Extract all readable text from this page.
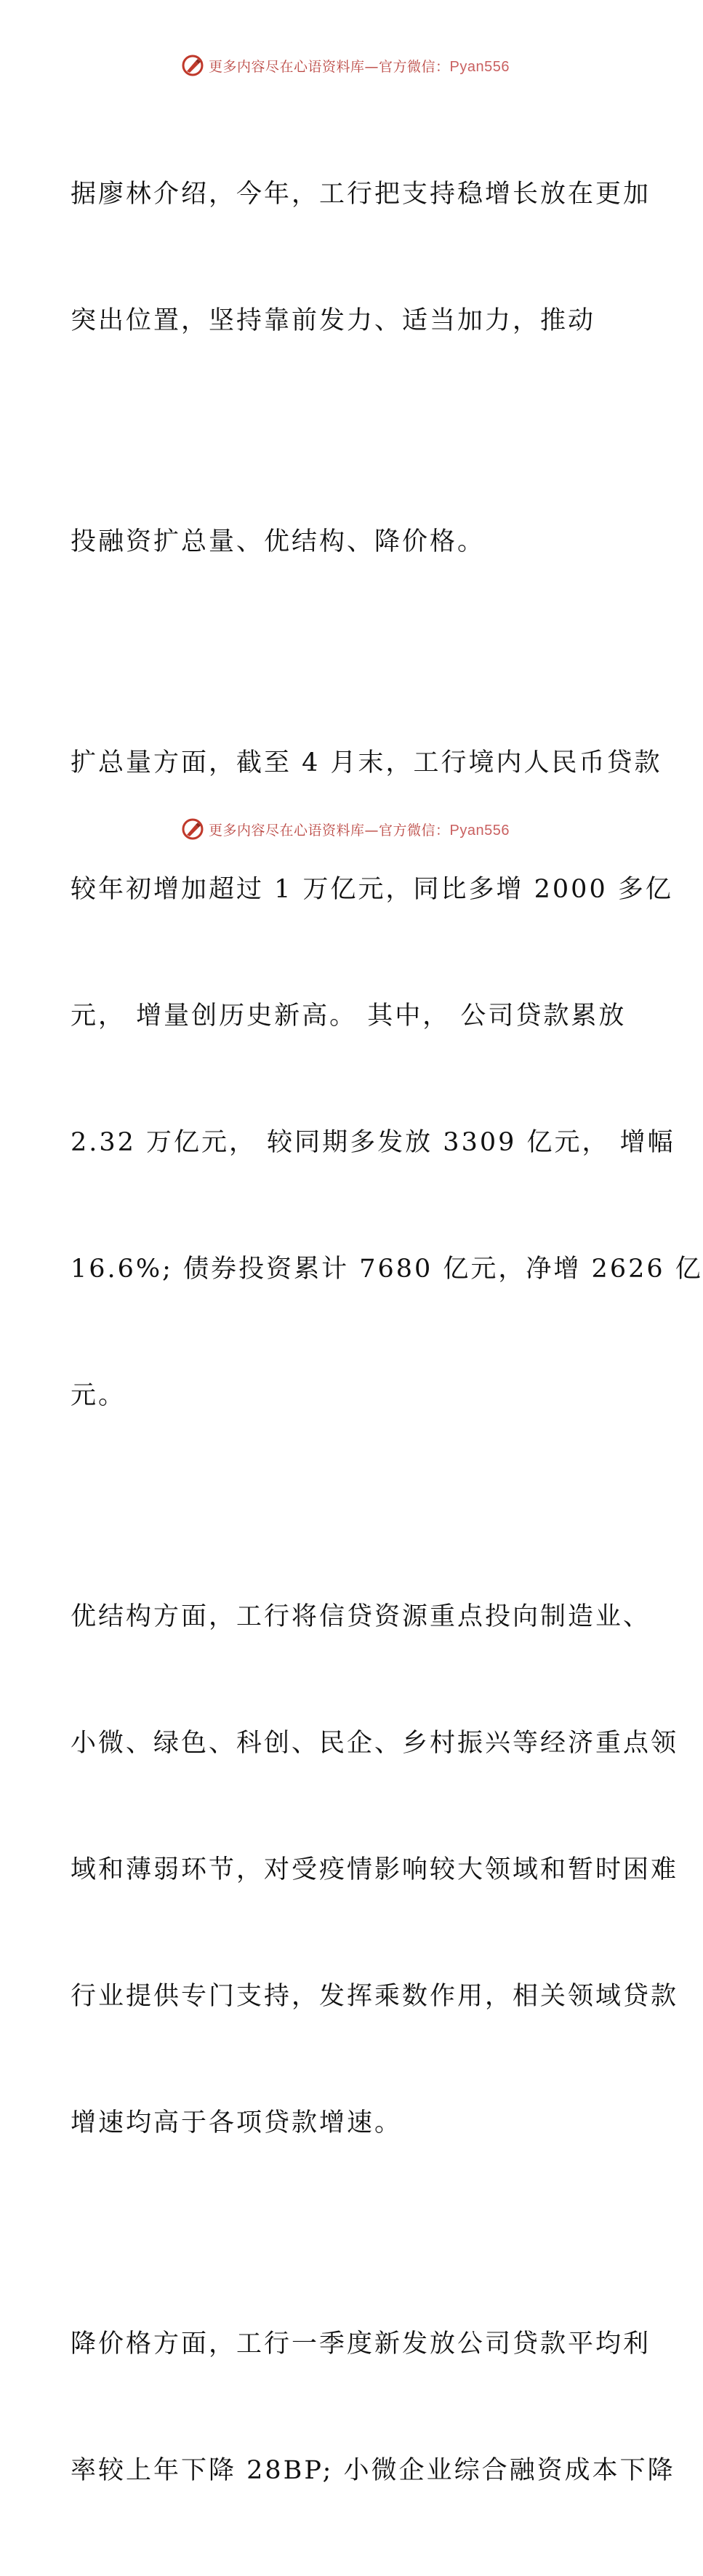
更多内容尽在心语资料库—官方微信：Pyan556

据廖林介绍，今年，工行把支持稳增长放在更加

突出位置，坚持靠前发力、适当加力，推动

投融资扩总量、优结构、降价格。

扩总量方面，截至 4 月末，工行境内人民币贷款

较年初增加超过 1 万亿元，同比多增 2000 多亿

元， 增量创历史新高。 其中， 公司贷款累放

2.32 万亿元， 较同期多发放 3309 亿元， 增幅

16.6%; 债券投资累计 7680 亿元，净增 2626 亿

元。

优结构方面，工行将信贷资源重点投向制造业、

小微、绿色、科创、民企、乡村振兴等经济重点领

域和薄弱环节，对受疫情影响较大领域和暂时困难

行业提供专门支持，发挥乘数作用，相关领域贷款

增速均高于各项贷款增速。

降价格方面，工行一季度新发放公司贷款平均利

率较上年下降 28BP; 小微企业综合融资成本下降

更多内容尽在心语资料库—官方微信：Pyan556
